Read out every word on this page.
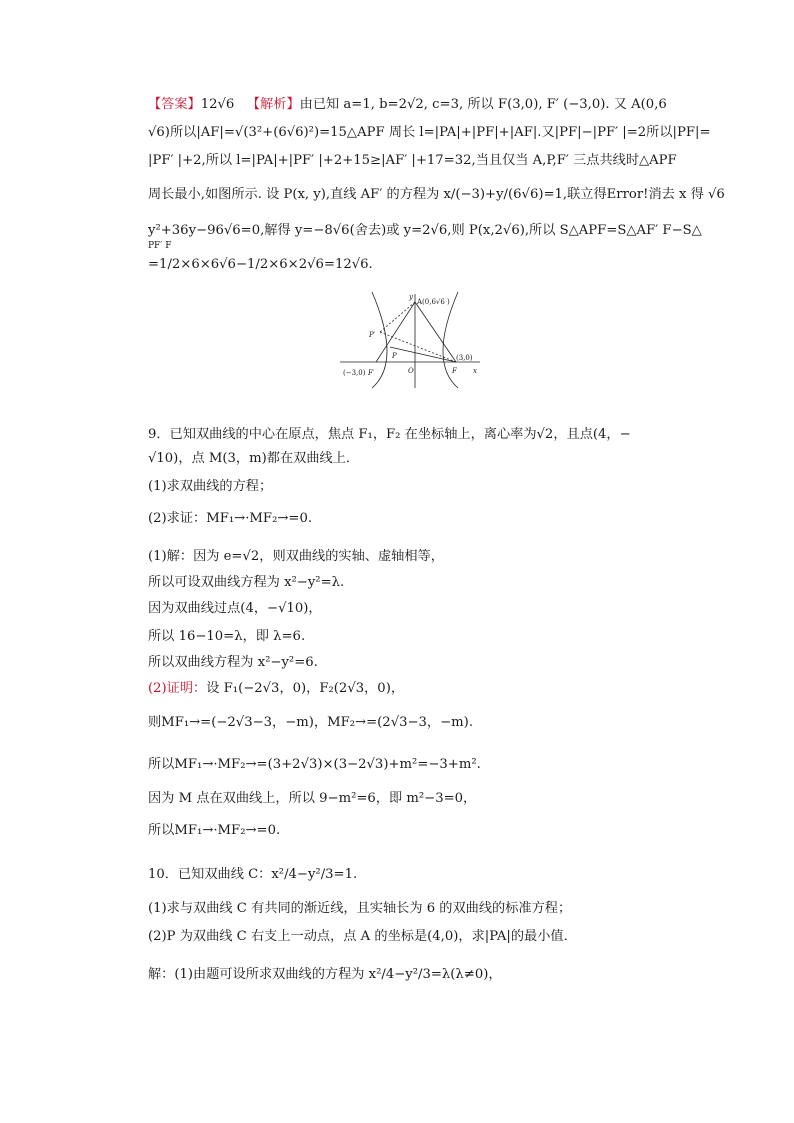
【答案】12√6 【解析】由已知 a=1, b=2√2, c=3, 所以 F(3,0), F′ (−3,0). 又 A(0,6
√6)所以|AF|=√(3²+(6√6)²)=15△APF 周长 l=|PA|+|PF|+|AF|.又|PF|−|PF′ |=2所以|PF|=
|PF′ |+2,所以 l=|PA|+|PF′ |+2+15≥|AF′ |+17=32,当且仅当 A,P,F′ 三点共线时△APF
周长最小,如图所示. 设 P(x, y),直线 AF′ 的方程为 x/(−3)+y/(6√6)=1,联立得Error!消去 x 得 √6
y²+36y−96√6=0,解得 y=−8√6(舍去)或 y=2√6,则 P(x,2√6),所以 S△APF=S△AF′ F−S△
PF′ F
=1/2×6×6√6−1/2×6×2√6=12√6.
A(0,6√6 )
y
x
P′
P	(3,0)
(−3,0) F′	O	F
9．已知双曲线的中心在原点，焦点 F₁，F₂ 在坐标轴上，离心率为√2，且点(4，−
√10)，点 M(3，m)都在双曲线上．
(1)求双曲线的方程；
(2)求证：MF₁→·MF₂→=0.
(1)解：因为 e=√2，则双曲线的实轴、虚轴相等，
所以可设双曲线方程为 x²−y²=λ.
因为双曲线过点(4，−√10)，
所以 16−10=λ，即 λ=6.
所以双曲线方程为 x²−y²=6.
(2)证明：设 F₁(−2√3，0)，F₂(2√3，0)，
则MF₁→=(−2√3−3，−m)，MF₂→=(2√3−3，−m).
所以MF₁→·MF₂→=(3+2√3)×(3−2√3)+m²=−3+m².
因为 M 点在双曲线上，所以 9−m²=6，即 m²−3=0，
所以MF₁→·MF₂→=0.
10．已知双曲线 C：x²/4−y²/3=1.
(1)求与双曲线 C 有共同的渐近线，且实轴长为 6 的双曲线的标准方程；
(2)P 为双曲线 C 右支上一动点，点 A 的坐标是(4,0)，求|PA|的最小值．
解：(1)由题可设所求双曲线的方程为 x²/4−y²/3=λ(λ≠0)，
